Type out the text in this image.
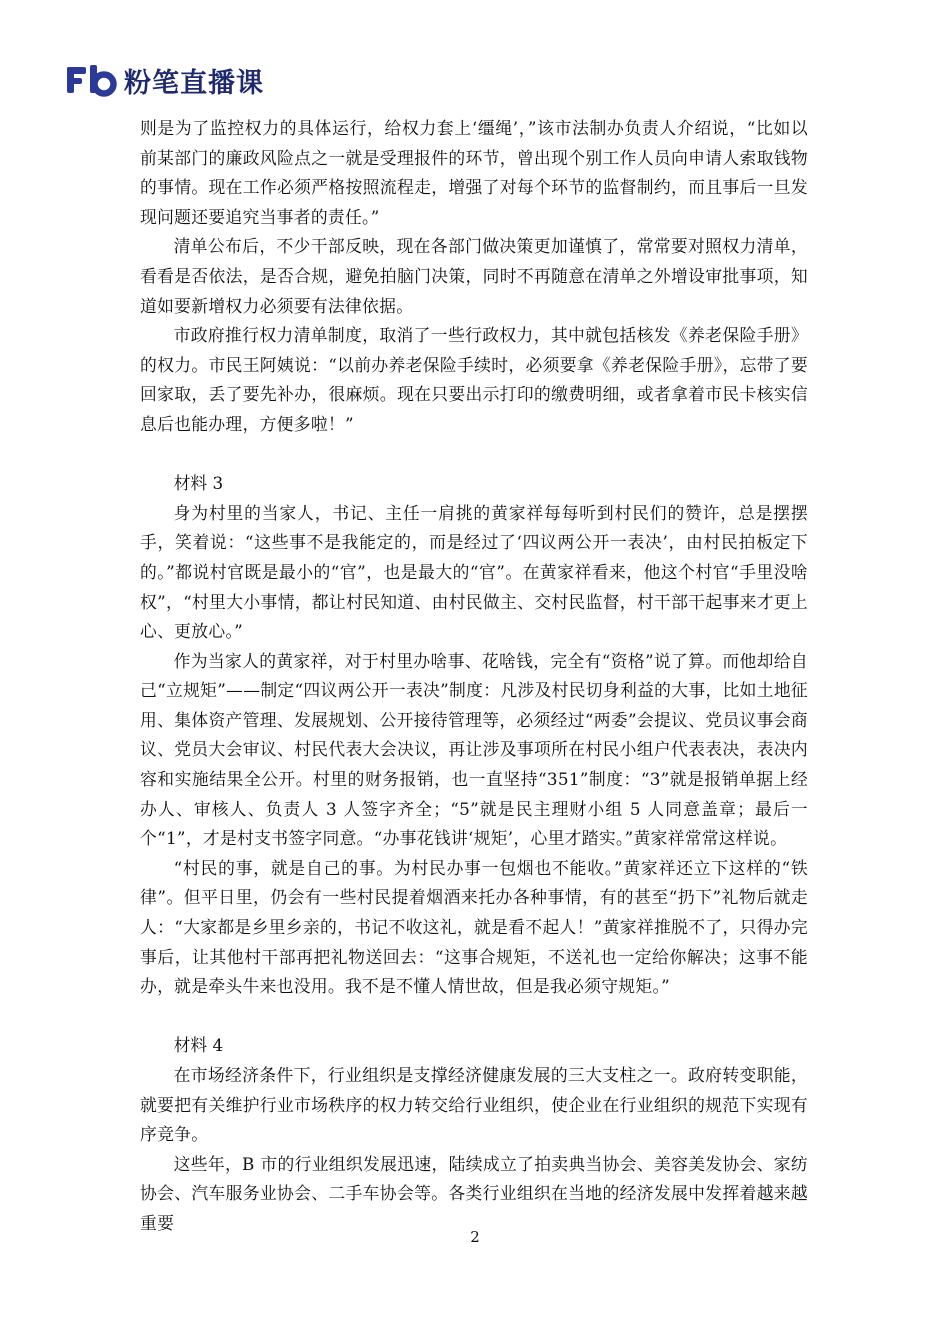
粉笔直播课

则是为了监控权力的具体运行，给权力套上‘缰绳’，”该市法制办负责人介绍说，“比如以前某部门的廉政风险点之一就是受理报件的环节，曾出现个别工作人员向申请人索取钱物的事情。现在工作必须严格按照流程走，增强了对每个环节的监督制约，而且事后一旦发现问题还要追究当事者的责任。”

清单公布后，不少干部反映，现在各部门做决策更加谨慎了，常常要对照权力清单，看看是否依法，是否合规，避免拍脑门决策，同时不再随意在清单之外增设审批事项，知道如要新增权力必须要有法律依据。

市政府推行权力清单制度，取消了一些行政权力，其中就包括核发《养老保险手册》的权力。市民王阿姨说：“以前办养老保险手续时，必须要拿《养老保险手册》，忘带了要回家取，丢了要先补办，很麻烦。现在只要出示打印的缴费明细，或者拿着市民卡核实信息后也能办理，方便多啦！”

材料 3

身为村里的当家人，书记、主任一肩挑的黄家祥每每听到村民们的赞许，总是摆摆手，笑着说：“这些事不是我能定的，而是经过了‘四议两公开一表决’，由村民拍板定下的。”都说村官既是最小的“官”，也是最大的“官”。在黄家祥看来，他这个村官“手里没啥权”，“村里大小事情，都让村民知道、由村民做主、交村民监督，村干部干起事来才更上心、更放心。”

作为当家人的黄家祥，对于村里办啥事、花啥钱，完全有“资格”说了算。而他却给自己“立规矩”——制定“四议两公开一表决”制度：凡涉及村民切身利益的大事，比如土地征用、集体资产管理、发展规划、公开接待管理等，必须经过“两委”会提议、党员议事会商议、党员大会审议、村民代表大会决议，再让涉及事项所在村民小组户代表表决，表决内容和实施结果全公开。村里的财务报销，也一直坚持“351”制度：“3”就是报销单据上经办人、审核人、负责人 3 人签字齐全；“5”就是民主理财小组 5 人同意盖章；最后一个“1”，才是村支书签字同意。“办事花钱讲‘规矩’，心里才踏实。”黄家祥常常这样说。

“村民的事，就是自己的事。为村民办事一包烟也不能收。”黄家祥还立下这样的“铁律”。但平日里，仍会有一些村民提着烟酒来托办各种事情，有的甚至“扔下”礼物后就走人：“大家都是乡里乡亲的，书记不收这礼，就是看不起人！”黄家祥推脱不了，只得办完事后，让其他村干部再把礼物送回去：“这事合规矩，不送礼也一定给你解决；这事不能办，就是牵头牛来也没用。我不是不懂人情世故，但是我必须守规矩。”

材料 4

在市场经济条件下，行业组织是支撑经济健康发展的三大支柱之一。政府转变职能，就要把有关维护行业市场秩序的权力转交给行业组织，使企业在行业组织的规范下实现有序竞争。

这些年，B 市的行业组织发展迅速，陆续成立了拍卖典当协会、美容美发协会、家纺协会、汽车服务业协会、二手车协会等。各类行业组织在当地的经济发展中发挥着越来越重要

2
